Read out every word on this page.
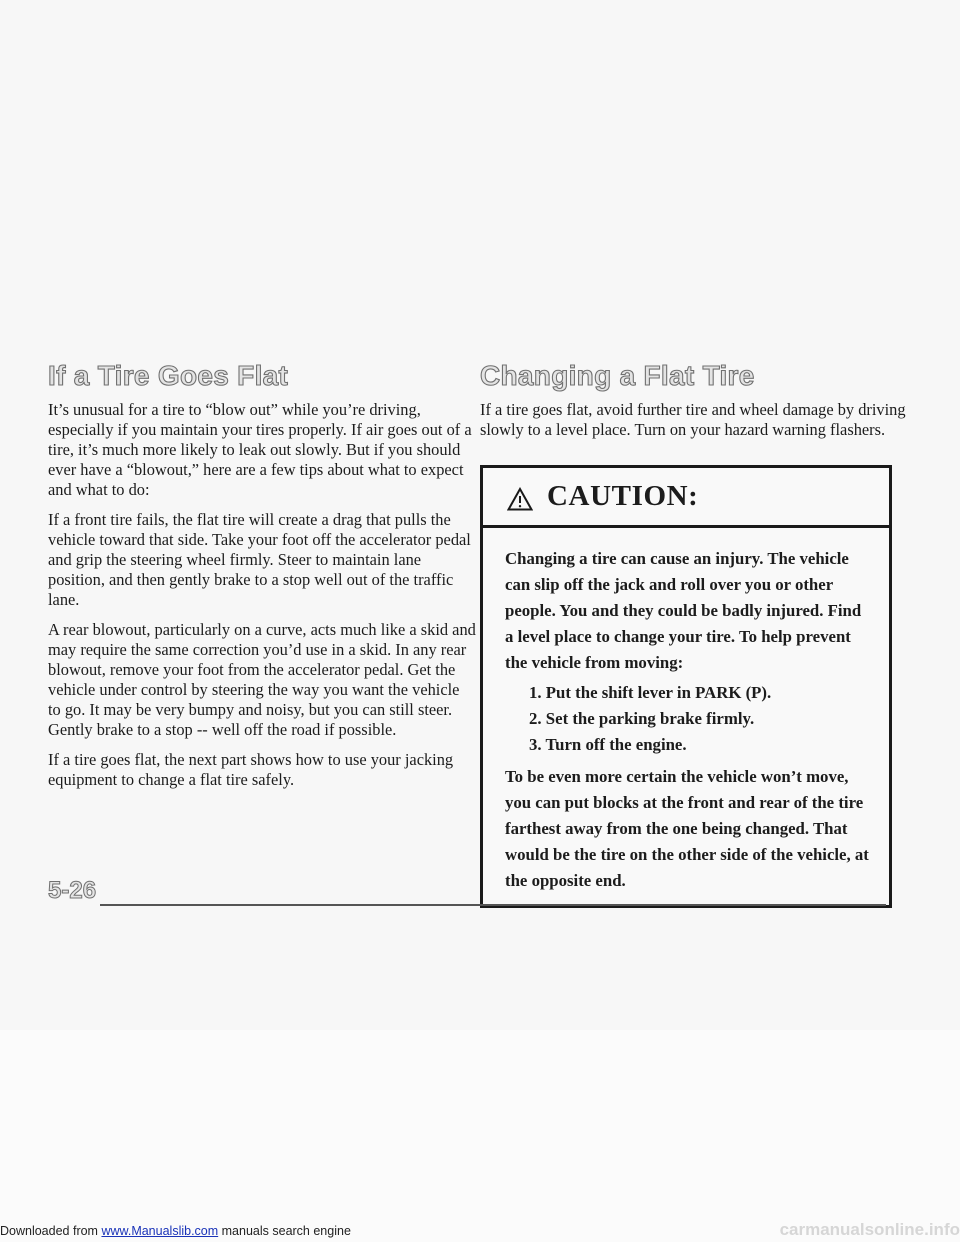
If a Tire Goes Flat

It’s unusual for a tire to “blow out” while you’re driving, especially if you maintain your tires properly. If air goes out of a tire, it’s much more likely to leak out slowly. But if you should ever have a “blowout,” here are a few tips about what to expect and what to do:

If a front tire fails, the flat tire will create a drag that pulls the vehicle toward that side. Take your foot off the accelerator pedal and grip the steering wheel firmly. Steer to maintain lane position, and then gently brake to a stop well out of the traffic lane.

A rear blowout, particularly on a curve, acts much like a skid and may require the same correction you’d use in a skid. In any rear blowout, remove your foot from the accelerator pedal. Get the vehicle under control by steering the way you want the vehicle to go. It may be very bumpy and noisy, but you can still steer. Gently brake to a stop -- well off the road if possible.

If a tire goes flat, the next part shows how to use your jacking equipment to change a flat tire safely.

Changing a Flat Tire

If a tire goes flat, avoid further tire and wheel damage by driving slowly to a level place. Turn on your hazard warning flashers.

CAUTION:

Changing a tire can cause an injury. The vehicle can slip off the jack and roll over you or other people. You and they could be badly injured. Find a level place to change your tire. To help prevent the vehicle from moving:

1. Put the shift lever in PARK (P).
2. Set the parking brake firmly.
3. Turn off the engine.

To be even more certain the vehicle won’t move, you can put blocks at the front and rear of the tire farthest away from the one being changed. That would be the tire on the other side of the vehicle, at the opposite end.

5-26
Downloaded from www.Manualslib.com manuals search engine	carmanualsonline.info
